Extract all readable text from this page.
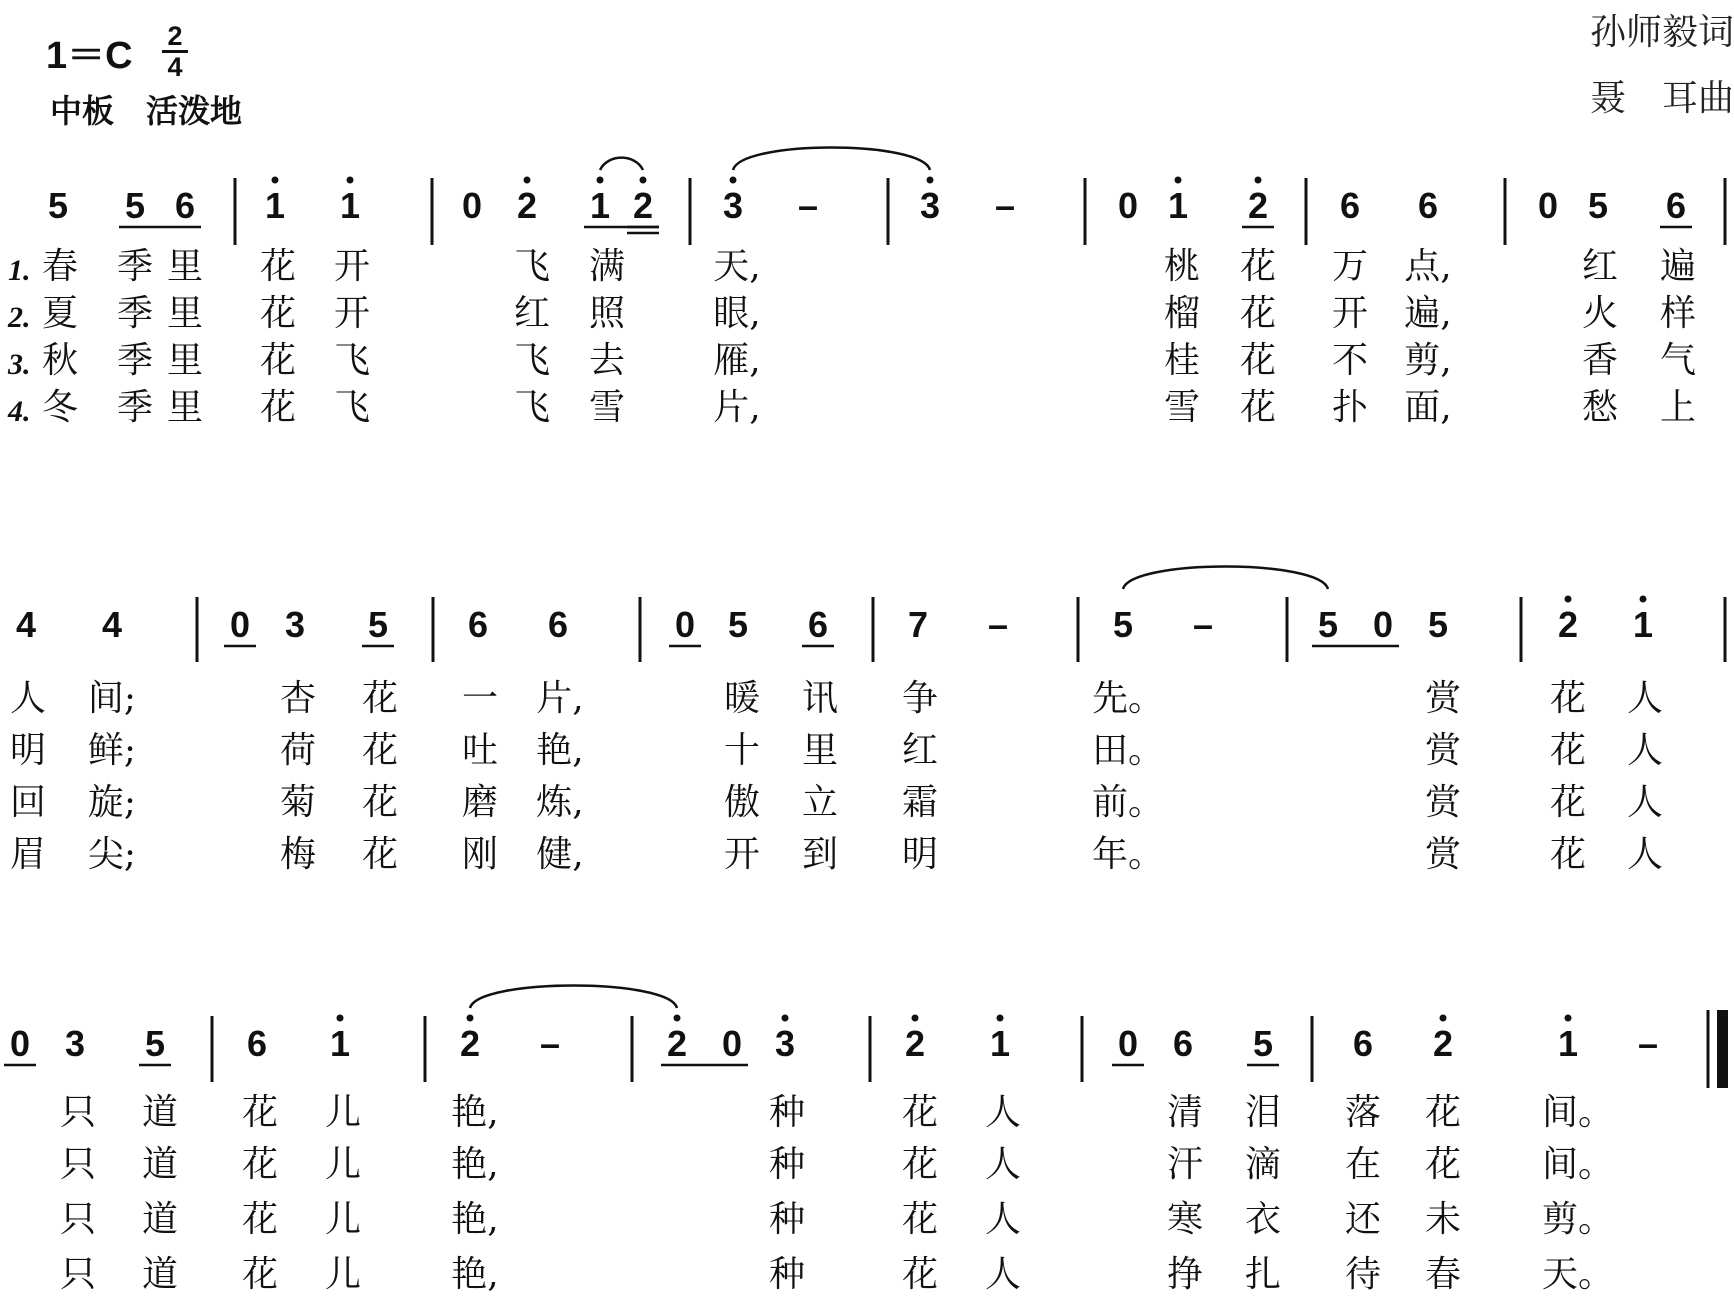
1＝C 2
4
中板　活泼地
孙师毅词
聂　耳曲
5 5 6 1 1	0 2 1 2 3 –	3 –	0 1 2 6 6	0 5 6
春 季 里 花 开	飞 满 天,	桃 花 万 点,	红 遍
夏 季 里 花 开	红 照 眼,	榴 花 开 遍,	火 样
秋 季 里 花 飞	飞 去 雁,	桂 花 不 剪,	香 气
冬 季 里 花 飞	飞 雪 片,	雪 花 扑 面,	愁 上
1.
2.
3.
4.
4 4	0 3 5 6 6	0 5 6 7 –	5 –	5 0 5	2 1
人 间;	杏 花 一 片,	暖 讯 争	先。	赏 花 人
明 鲜;	荷 花 吐 艳,	十 里 红	田。	赏 花 人
回 旋;	菊 花 磨 炼,	傲 立 霜	前。	赏 花 人
眉 尖;	梅 花 刚 健,	开 到 明	年。	赏 花 人
0 3 5 6 1	2 –	2 0 3	2 1	0 6 5 6 2	1 –
只 道 花 儿	艳,	种	花 人	清 泪 落 花 间。
只 道 花 儿	艳,	种	花 人	汗 滴 在 花 间。
只 道 花 儿	艳,	种	花 人	寒 衣 还 未 剪。
只 道 花 儿	艳,	种	花 人	挣 扎 待 春 天。
